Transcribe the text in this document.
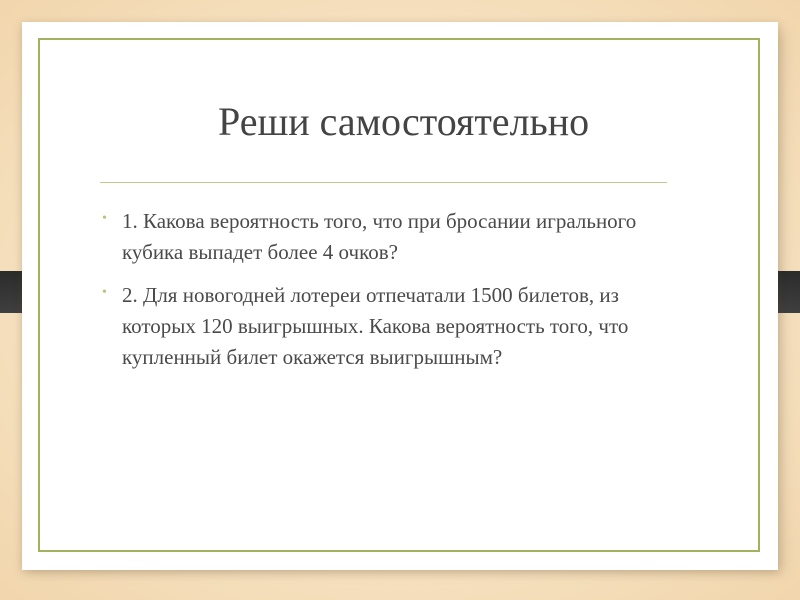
Реши самостоятельно
• 1. Какова вероятность того, что при бросании игрального кубика выпадет более 4 очков?
• 2. Для новогодней лотереи отпечатали 1500 билетов, из которых 120 выигрышных. Какова вероятность того, что купленный билет окажется выигрышным?
